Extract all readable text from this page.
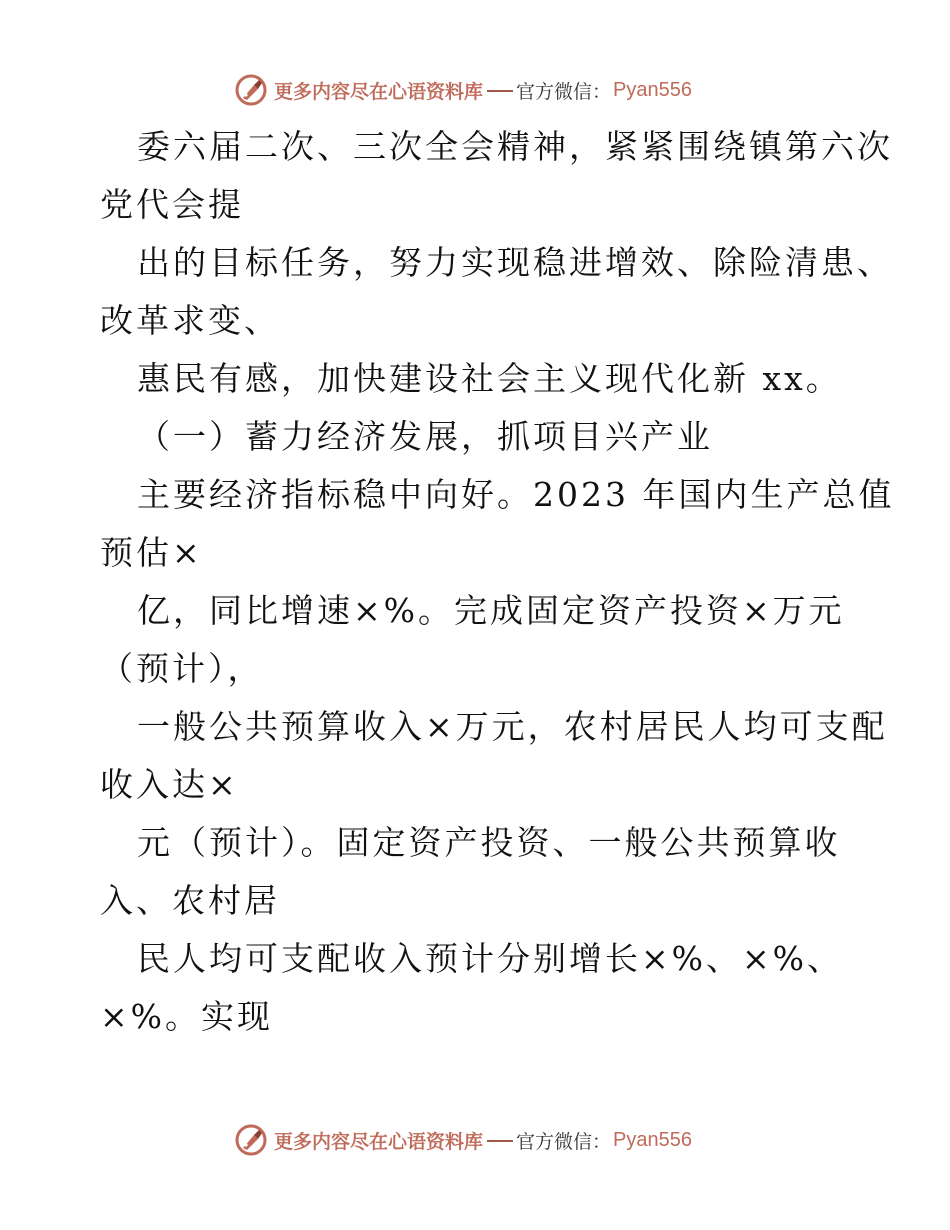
更多内容尽在心语资料库 官方微信： Pyan556
委六届二次、三次全会精神，紧紧围绕镇第六次
党代会提
出的目标任务，努力实现稳进增效、除险清患、
改革求变、
惠民有感，加快建设社会主义现代化新 xx。
（一）蓄力经济发展，抓项目兴产业
主要经济指标稳中向好。2023 年国内生产总值
预估×
亿，同比增速×%。完成固定资产投资×万元
（预计），
一般公共预算收入×万元，农村居民人均可支配
收入达×
元（预计）。固定资产投资、一般公共预算收
入、农村居
民人均可支配收入预计分别增长×%、×%、
×%。实现
更多内容尽在心语资料库 官方微信： Pyan556
